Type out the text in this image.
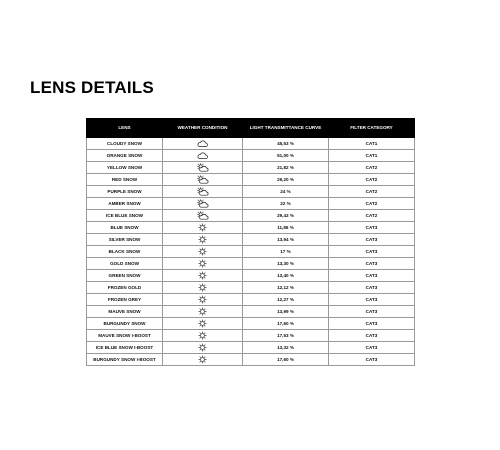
LENS DETAILS
LENS	WEATHER CONDITION	LIGHT TRANSMITTANCE CURVE	FILTER CATEGORY
CLOUDY SNOW		45,53 %	CAT1
ORANGE SNOW		51,00 %	CAT1
YELLOW SNOW		21,82 %	CAT2
RED SNOW		29,20 %	CAT2
PURPLE SNOW		24 %	CAT2
AMBER SNOW		22 %	CAT2
ICE BLUE SNOW		29,43 %	CAT2
BLUE SNOW		11,86 %	CAT3
SILVER SNOW		13,94 %	CAT3
BLACK SNOW		17 %	CAT3
GOLD SNOW		13,30 %	CAT3
GREEN SNOW		13,40 %	CAT3
FROZEN GOLD		12,12 %	CAT3
FROZEN GREY		12,27 %	CAT3
MAUVE SNOW		13,99 %	CAT3
BURGUNDY SNOW		17,60 %	CAT3
MAUVE SNOW I-BOOST		17,53 %	CAT3
ICE BLUE SNOW I-BOOST		13,32 %	CAT3
BURGUNDY SNOW I-BOOST		17,60 %	CAT3
